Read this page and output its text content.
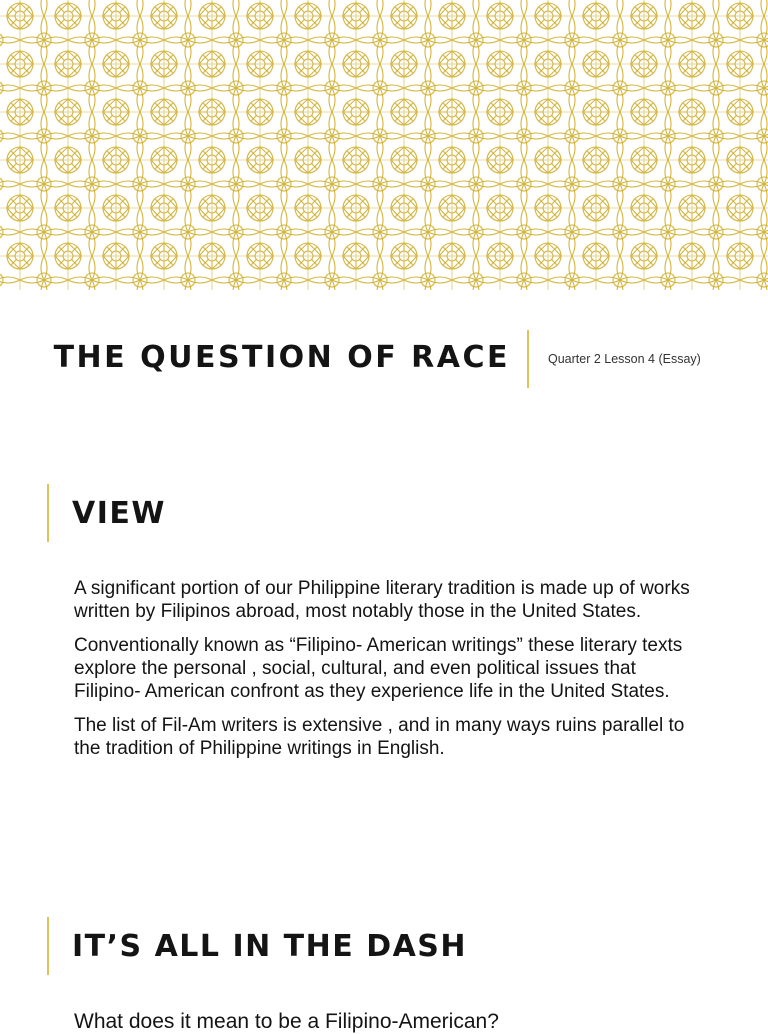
THE QUESTION OF RACE	Quarter 2 Lesson 4 (Essay)
VIEW

A significant portion of our Philippine literary tradition is made up of works written by Filipinos abroad, most notably those in the United States.

Conventionally known as “Filipino- American writings” these literary texts explore the personal , social, cultural, and even political issues that Filipino- American confront as they experience life in the United States.

The list of Fil-Am writers is extensive , and in many ways ruins parallel to the tradition of Philippine writings in English.

IT’S ALL IN THE DASH

What does it mean to be a Filipino-American?
